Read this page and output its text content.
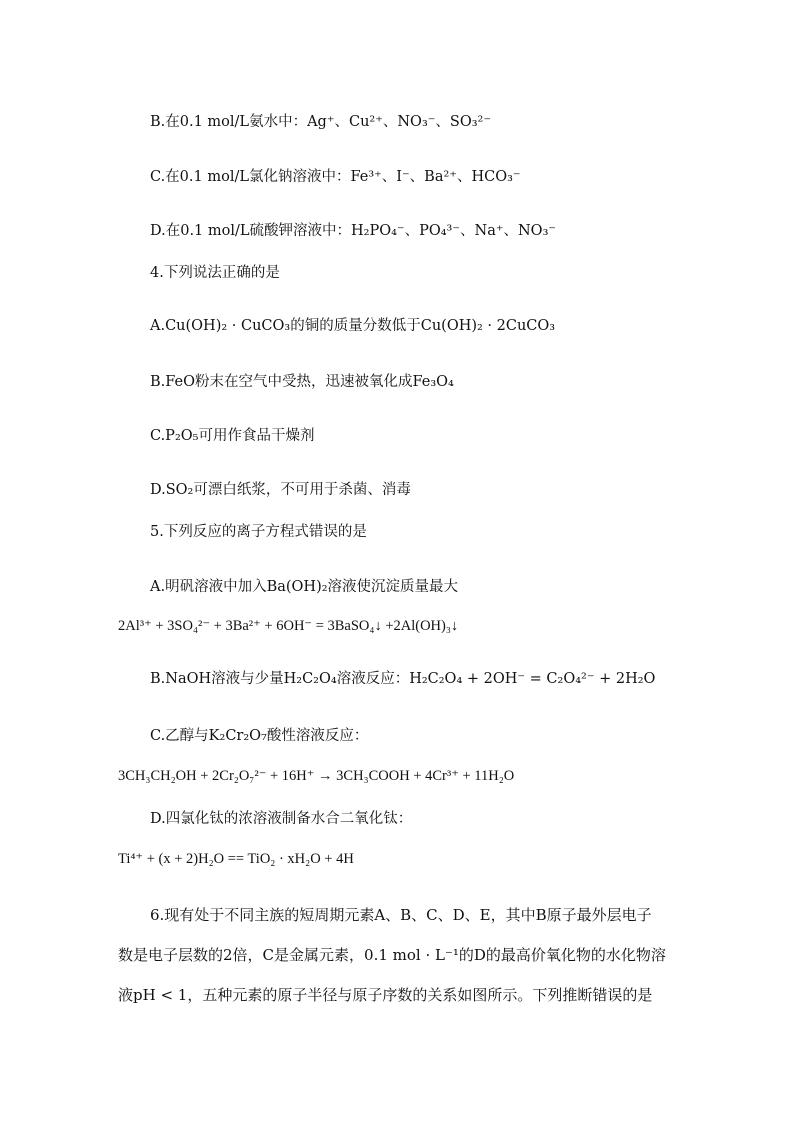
B.在0.1 mol/L氨水中：Ag⁺、Cu²⁺、NO₃⁻、SO₃²⁻
C.在0.1 mol/L氯化钠溶液中：Fe³⁺、I⁻、Ba²⁺、HCO₃⁻
D.在0.1 mol/L硫酸钾溶液中：H₂PO₄⁻、PO₄³⁻、Na⁺、NO₃⁻
4.下列说法正确的是
A.Cu(OH)₂ · CuCO₃的铜的质量分数低于Cu(OH)₂ · 2CuCO₃
B.FeO粉末在空气中受热，迅速被氧化成Fe₃O₄
C.P₂O₅可用作食品干燥剂
D.SO₂可漂白纸浆，不可用于杀菌、消毒
5.下列反应的离子方程式错误的是
A.明矾溶液中加入Ba(OH)₂溶液使沉淀质量最大
2Al³⁺ + 3SO₄²⁻ + 3Ba²⁺ + 6OH⁻ = 3BaSO₄↓ +2Al(OH)₃↓
B.NaOH溶液与少量H₂C₂O₄溶液反应：H₂C₂O₄ + 2OH⁻ = C₂O₄²⁻ + 2H₂O
C.乙醇与K₂Cr₂O₇酸性溶液反应：
3CH₃CH₂OH + 2Cr₂O₇²⁻ + 16H⁺ → 3CH₃COOH + 4Cr³⁺ + 11H₂O
D.四氯化钛的浓溶液制备水合二氧化钛：
Ti⁴⁺ + (x + 2)H₂O == TiO₂ · xH₂O + 4H
6.现有处于不同主族的短周期元素A、B、C、D、E，其中B原子最外层电子
数是电子层数的2倍，C是金属元素，0.1 mol · L⁻¹的D的最高价氧化物的水化物溶
液pH < 1，五种元素的原子半径与原子序数的关系如图所示。下列推断错误的是
